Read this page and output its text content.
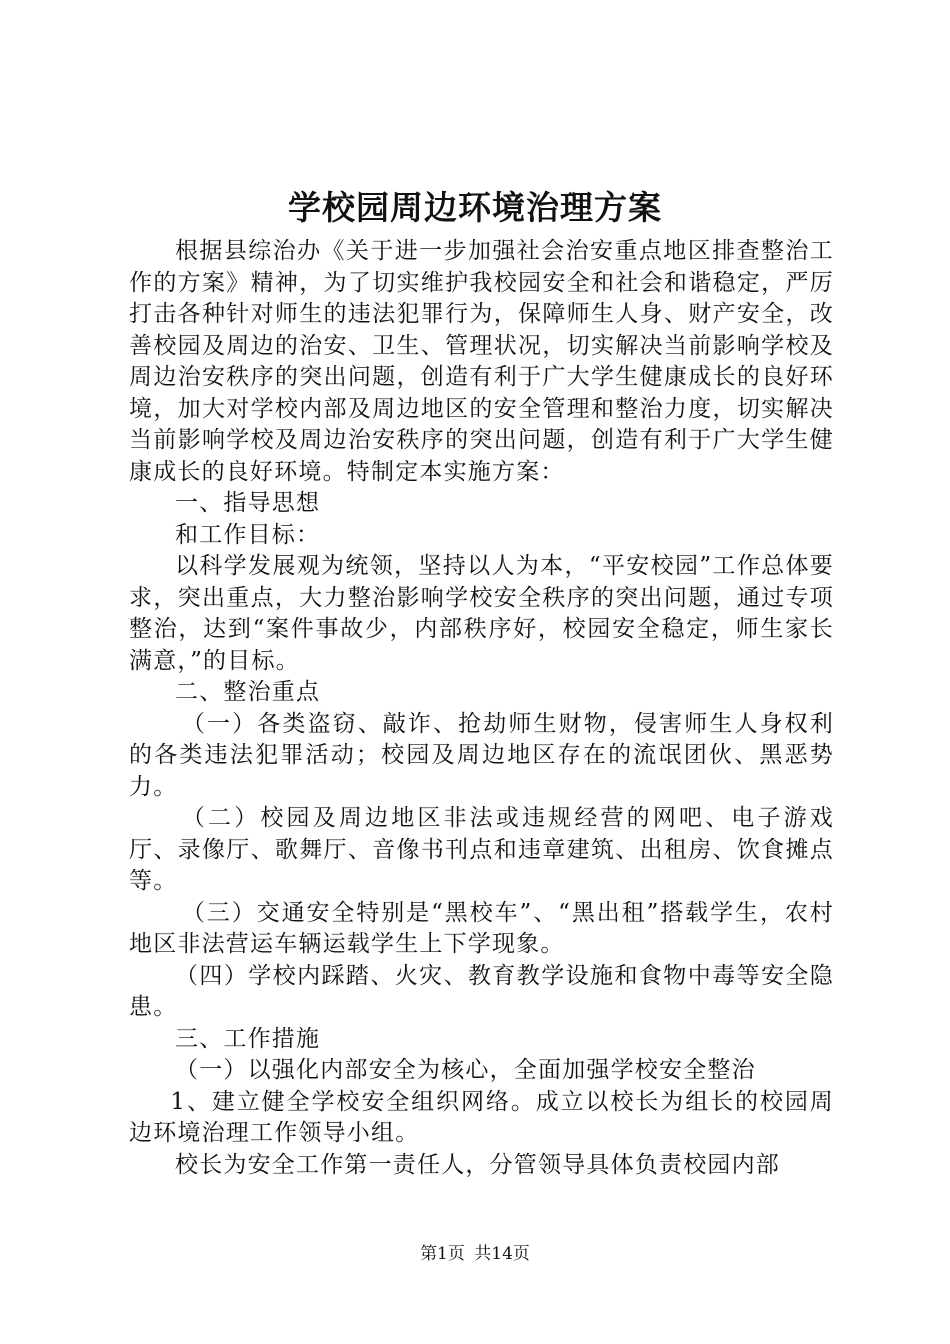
学校园周边环境治理方案

根据县综治办《关于进一步加强社会治安重点地区排查整治工作的方案》精神，为了切实维护我校园安全和社会和谐稳定，严厉打击各种针对师生的违法犯罪行为，保障师生人身、财产安全，改善校园及周边的治安、卫生、管理状况，切实解决当前影响学校及周边治安秩序的突出问题，创造有利于广大学生健康成长的良好环境，加大对学校内部及周边地区的安全管理和整治力度，切实解决当前影响学校及周边治安秩序的突出问题，创造有利于广大学生健康成长的良好环境。特制定本实施方案：

一、指导思想

和工作目标：

以科学发展观为统领，坚持以人为本，“平安校园”工作总体要求，突出重点，大力整治影响学校安全秩序的突出问题，通过专项整治，达到“案件事故少，内部秩序好，校园安全稳定，师生家长满意，”的目标。

二、整治重点

（一）各类盗窃、敲诈、抢劫师生财物，侵害师生人身权利的各类违法犯罪活动；校园及周边地区存在的流氓团伙、黑恶势力。

（二）校园及周边地区非法或违规经营的网吧、电子游戏厅、录像厅、歌舞厅、音像书刊点和违章建筑、出租房、饮食摊点等。

（三）交通安全特别是“黑校车”、“黑出租”搭载学生，农村地区非法营运车辆运载学生上下学现象。

（四）学校内踩踏、火灾、教育教学设施和食物中毒等安全隐患。

三、工作措施

（一）以强化内部安全为核心，全面加强学校安全整治

1、建立健全学校安全组织网络。成立以校长为组长的校园周边环境治理工作领导小组。

校长为安全工作第一责任人，分管领导具体负责校园内部

第1页 共14页
